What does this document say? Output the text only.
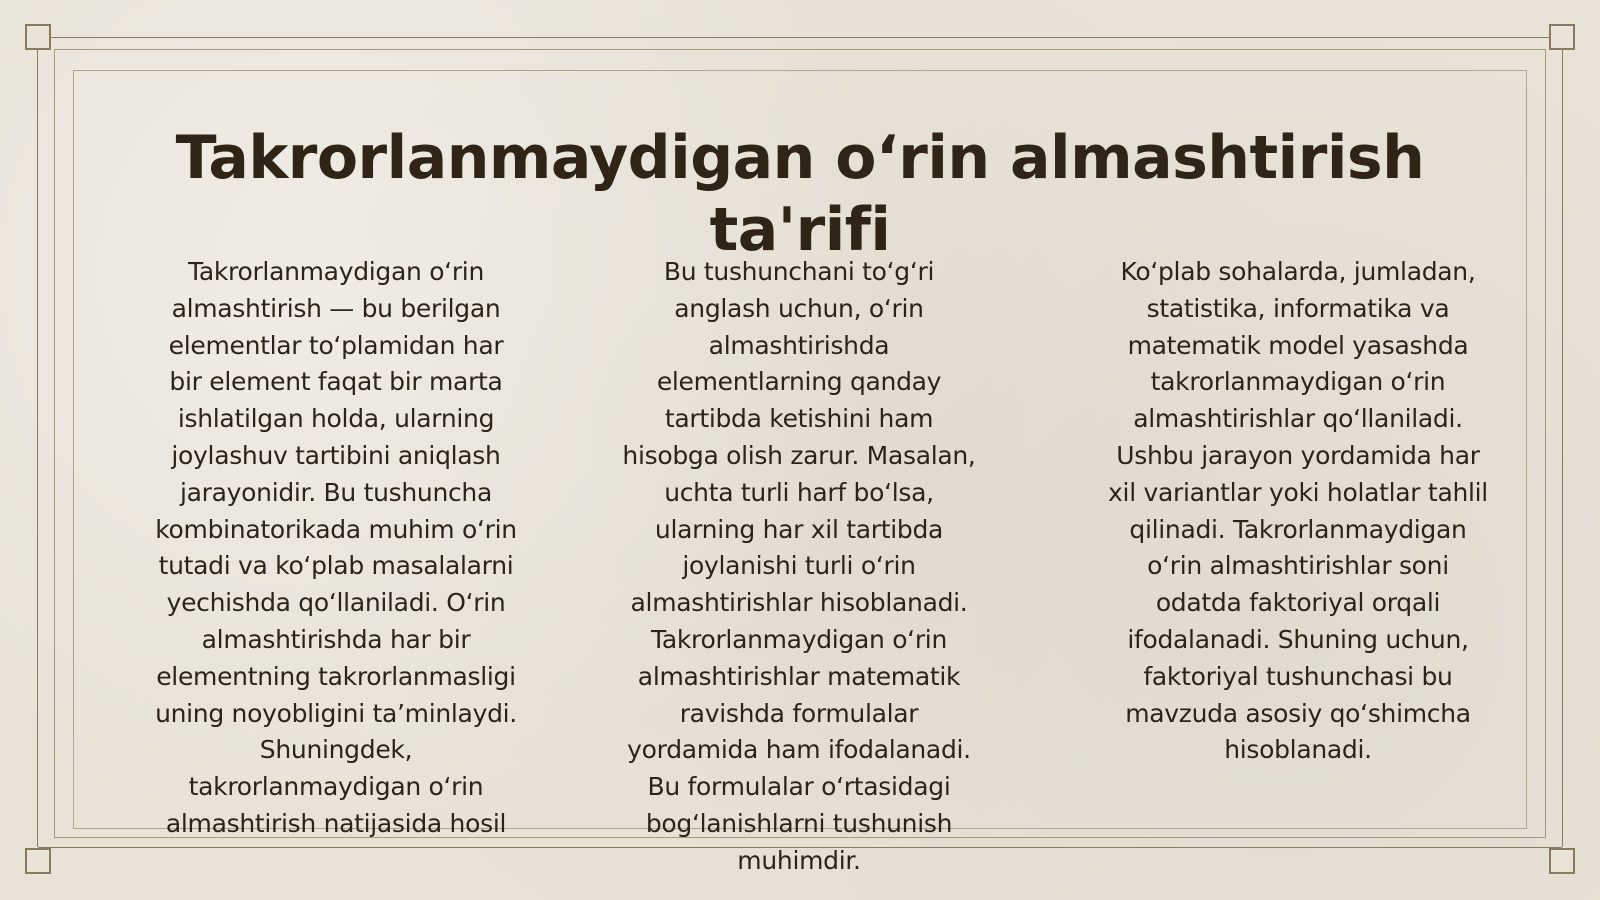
Takrorlanmaydigan o‘rin almashtirish ta'rifi

Takrorlanmaydigan o‘rin almashtirish — bu berilgan elementlar to‘plamidan har bir element faqat bir marta ishlatilgan holda, ularning joylashuv tartibini aniqlash jarayonidir. Bu tushuncha kombinatorikada muhim o‘rin tutadi va ko‘plab masalalarni yechishda qo‘llaniladi. O‘rin almashtirishda har bir elementning takrorlanmasligi uning noyobligini ta’minlaydi. Shuningdek, takrorlanmaydigan o‘rin almashtirish natijasida hosil

Bu tushunchani to‘g‘ri anglash uchun, o‘rin almashtirishda elementlarning qanday tartibda ketishini ham hisobga olish zarur. Masalan, uchta turli harf bo‘lsa, ularning har xil tartibda joylanishi turli o‘rin almashtirishlar hisoblanadi. Takrorlanmaydigan o‘rin almashtirishlar matematik ravishda formulalar yordamida ham ifodalanadi. Bu formulalar o‘rtasidagi bog‘lanishlarni tushunish muhimdir.

Ko‘plab sohalarda, jumladan, statistika, informatika va matematik model yasashda takrorlanmaydigan o‘rin almashtirishlar qo‘llaniladi. Ushbu jarayon yordamida har xil variantlar yoki holatlar tahlil qilinadi. Takrorlanmaydigan o‘rin almashtirishlar soni odatda faktoriyal orqali ifodalanadi. Shuning uchun, faktoriyal tushunchasi bu mavzuda asosiy qo‘shimcha hisoblanadi.
